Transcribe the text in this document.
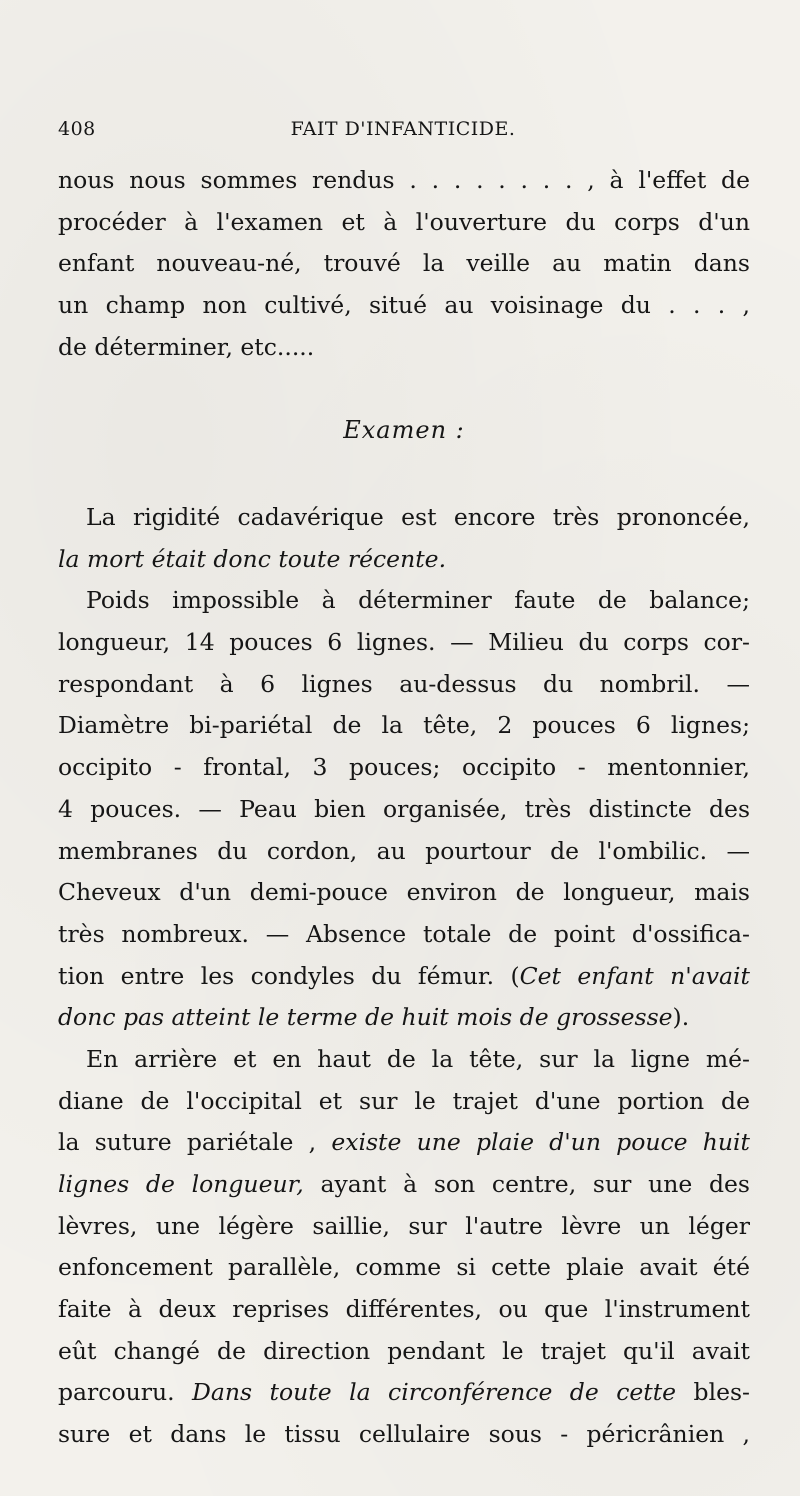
408	FAIT D'INFANTICIDE.
nous nous sommes rendus . . . . . . . . , à l'effet de
procéder à l'examen et à l'ouverture du corps d'un
enfant nouveau-né, trouvé la veille au matin dans
un champ non cultivé, situé au voisinage du . . . ,
de déterminer, etc.....
Examen :
La rigidité cadavérique est encore très prononcée,
la mort était donc toute récente.
Poids impossible à déterminer faute de balance;
longueur, 14 pouces 6 lignes. — Milieu du corps cor-
respondant à 6 lignes au-dessus du nombril. —
Diamètre bi-pariétal de la tête, 2 pouces 6 lignes;
occipito - frontal, 3 pouces; occipito - mentonnier,
4 pouces. — Peau bien organisée, très distincte des
membranes du cordon, au pourtour de l'ombilic. —
Cheveux d'un demi-pouce environ de longueur, mais
très nombreux. — Absence totale de point d'ossifica-
tion entre les condyles du fémur. (Cet enfant n'avait
donc pas atteint le terme de huit mois de grossesse).
En arrière et en haut de la tête, sur la ligne mé-
diane de l'occipital et sur le trajet d'une portion de
la suture pariétale , existe une plaie d'un pouce huit
lignes de longueur, ayant à son centre, sur une des
lèvres, une légère saillie, sur l'autre lèvre un léger
enfoncement parallèle, comme si cette plaie avait été
faite à deux reprises différentes, ou que l'instrument
eût changé de direction pendant le trajet qu'il avait
parcouru. Dans toute la circonférence de cette bles-
sure et dans le tissu cellulaire sous - péricrânien ,
